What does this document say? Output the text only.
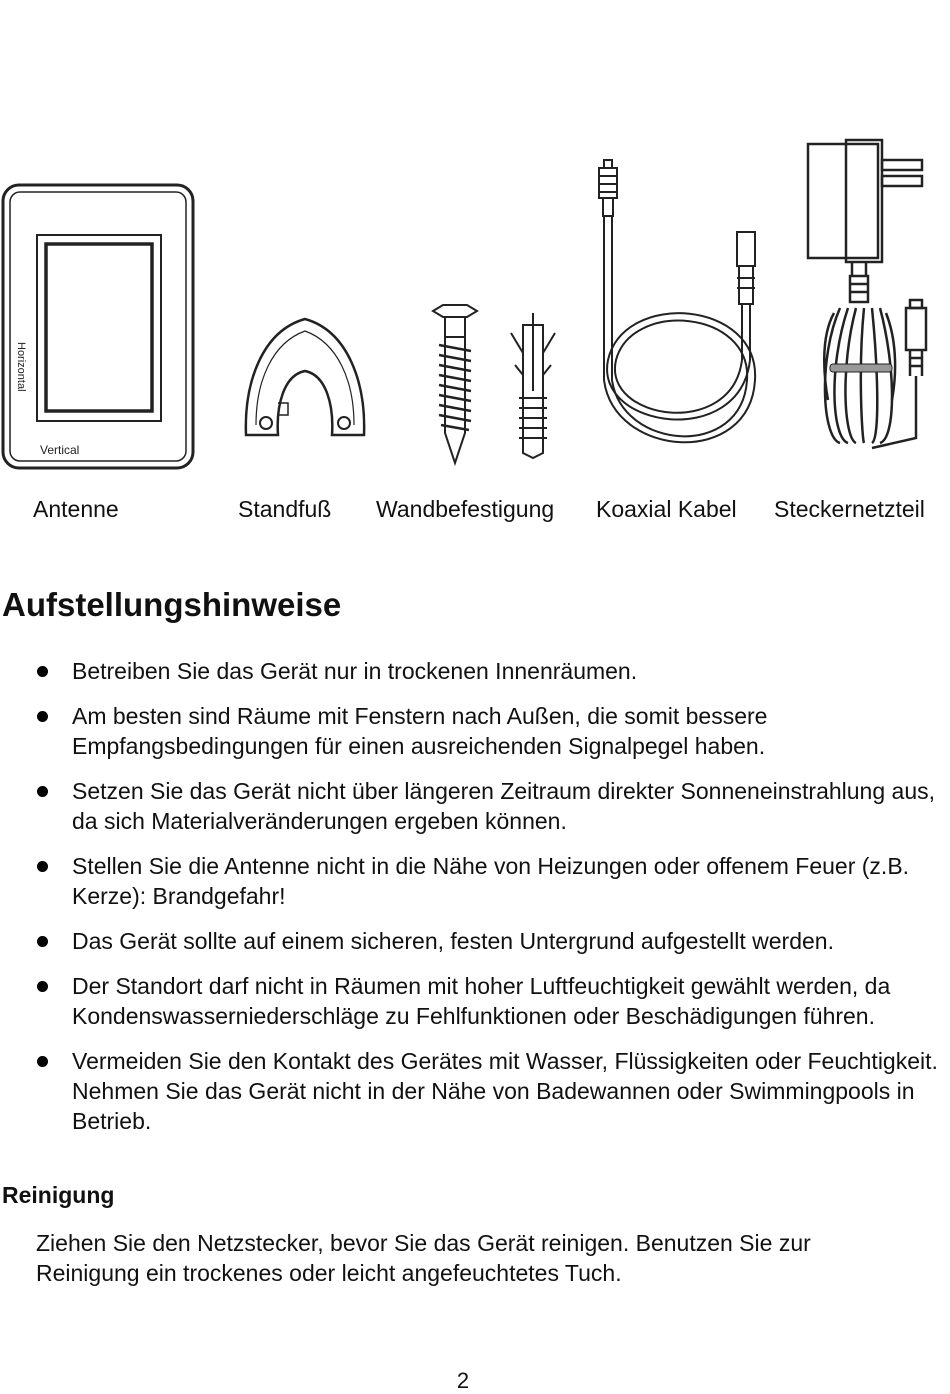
Horizontal
Vertical
Antenne	Standfuß Wandbefestigung Koaxial Kabel Steckernetzteil
Aufstellungshinweise
Betreiben Sie das Gerät nur in trockenen Innenräumen.
Am besten sind Räume mit Fenstern nach Außen, die somit bessere Empfangsbedingungen für einen ausreichenden Signalpegel haben.
Setzen Sie das Gerät nicht über längeren Zeitraum direkter Sonneneinstrahlung aus, da sich Materialveränderungen ergeben können.
Stellen Sie die Antenne nicht in die Nähe von Heizungen oder offenem Feuer (z.B. Kerze): Brandgefahr!
Das Gerät sollte auf einem sicheren, festen Untergrund aufgestellt werden.
Der Standort darf nicht in Räumen mit hoher Luftfeuchtigkeit gewählt werden, da Kondenswasserniederschläge zu Fehlfunktionen oder Beschädigungen führen.
Vermeiden Sie den Kontakt des Gerätes mit Wasser, Flüssigkeiten oder Feuchtigkeit. Nehmen Sie das Gerät nicht in der Nähe von Badewannen oder Swimmingpools in Betrieb.
Reinigung

Ziehen Sie den Netzstecker, bevor Sie das Gerät reinigen. Benutzen Sie zur Reinigung ein trockenes oder leicht angefeuchtetes Tuch.

2
